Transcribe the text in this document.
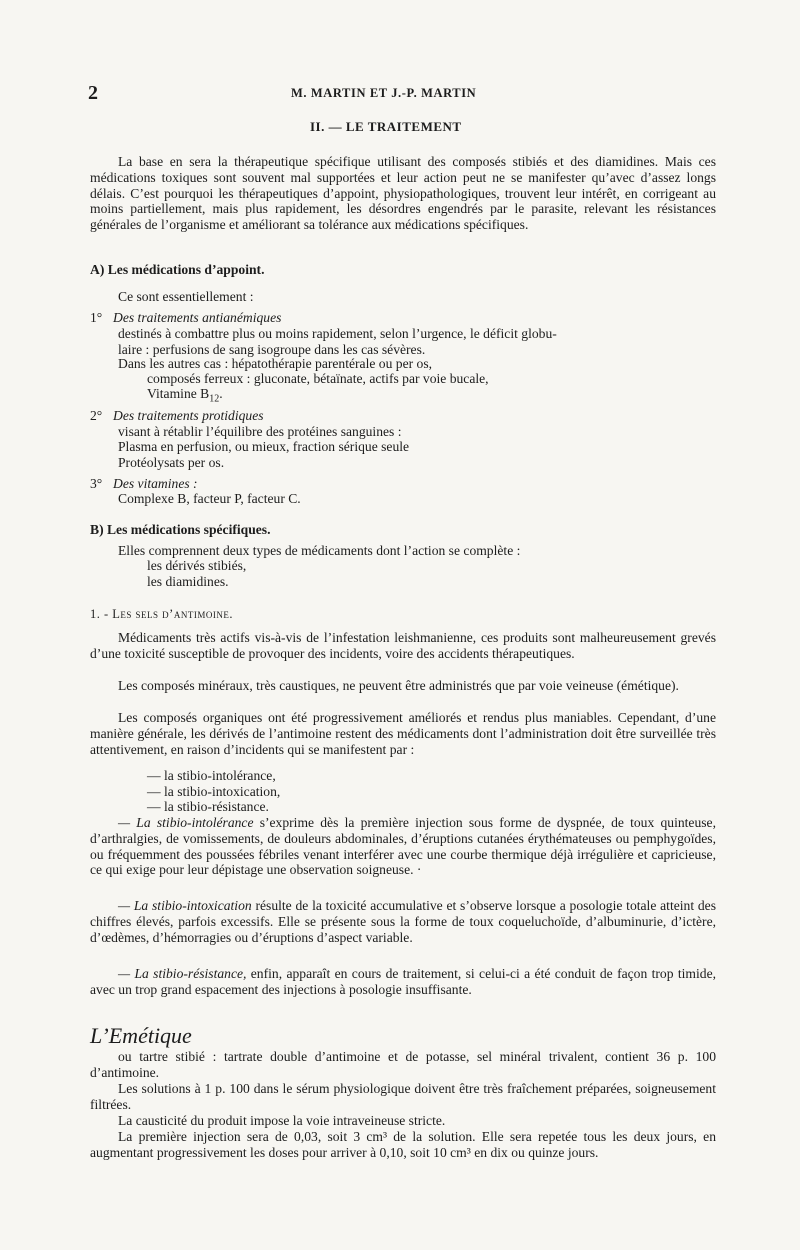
2	M. MARTIN ET J.-P. MARTIN
II. — LE TRAITEMENT
La base en sera la thérapeutique spécifique utilisant des composés stibiés et des diamidines. Mais ces médications toxiques sont souvent mal supportées et leur action peut ne se manifester qu’avec d’assez longs délais. C’est pourquoi les thérapeutiques d’appoint, physiopathologiques, trouvent leur intérêt, en corrigeant au moins partiellement, mais plus rapidement, les désordres engendrés par le parasite, relevant les résistances générales de l’organisme et améliorant sa tolérance aux médications spécifiques.
A) Les médications d’appoint.
Ce sont essentiellement :
1° Des traitements antianémiques
destinés à combattre plus ou moins rapidement, selon l’urgence, le déficit globu-
laire : perfusions de sang isogroupe dans les cas sévères.
Dans les autres cas : hépatothérapie parentérale ou per os,
composés ferreux : gluconate, bétaïnate, actifs par voie bucale,
Vitamine $B_{12}$.
2° Des traitements protidiques
visant à rétablir l’équilibre des protéines sanguines :
Plasma en perfusion, ou mieux, fraction sérique seule
Protéolysats per os.
3° Des vitamines :
Complexe B, facteur P, facteur C.
B) Les médications spécifiques.
Elles comprennent deux types de médicaments dont l’action se complète :
les dérivés stibiés,
les diamidines.
1. - Les sels d’antimoine.
Médicaments très actifs vis-à-vis de l’infestation leishmanienne, ces produits sont malheureusement grevés d’une toxicité susceptible de provoquer des incidents, voire des accidents thérapeutiques.
Les composés minéraux, très caustiques, ne peuvent être administrés que par voie veineuse (émétique).
Les composés organiques ont été progressivement améliorés et rendus plus maniables. Cependant, d’une manière générale, les dérivés de l’antimoine restent des médicaments dont l’administration doit être surveillée très attentivement, en raison d’incidents qui se manifestent par :
— la stibio-intolérance,
— la stibio-intoxication,
— la stibio-résistance.
— La stibio-intolérance s’exprime dès la première injection sous forme de dyspnée, de toux quinteuse, d’arthralgies, de vomissements, de douleurs abdominales, d’éruptions cutanées érythémateuses ou pemphygoïdes, ou fréquemment des poussées fébriles venant interférer avec une courbe thermique déjà irrégulière et capricieuse, ce qui exige pour leur dépistage une observation soigneuse. ·
— La stibio-intoxication résulte de la toxicité accumulative et s’observe lorsque a posologie totale atteint des chiffres élevés, parfois excessifs. Elle se présente sous la forme de toux coqueluchoïde, d’albuminurie, d’ictère, d’œdèmes, d’hémorragies ou d’éruptions d’aspect variable.
— La stibio-résistance, enfin, apparaît en cours de traitement, si celui-ci a été conduit de façon trop timide, avec un trop grand espacement des injections à posologie insuffisante.
L’Emétique
ou tartre stibié : tartrate double d’antimoine et de potasse, sel minéral trivalent, contient 36 p. 100 d’antimoine.
Les solutions à 1 p. 100 dans le sérum physiologique doivent être très fraîchement préparées, soigneusement filtrées.
La causticité du produit impose la voie intraveineuse stricte.
La première injection sera de 0,03, soit 3 cm³ de la solution. Elle sera repetée tous les deux jours, en augmentant progressivement les doses pour arriver à 0,10, soit 10 cm³ en dix ou quinze jours.
